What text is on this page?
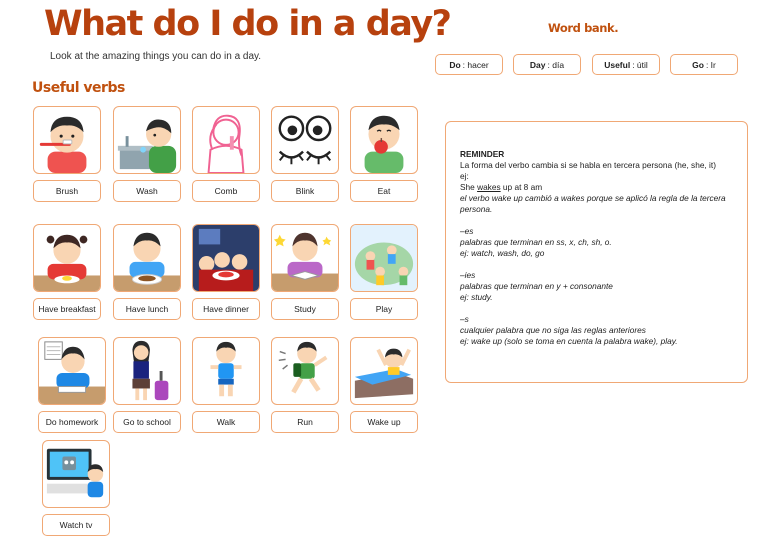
What do I do in a day?
Look at the amazing things you can do in a day.
Useful verbs
Word bank.
Do : hacer	Day : día	Useful : útil	Go : Ir
Brush	Wash	Comb	Blink	Eat
Have breakfast	Have lunch	Have dinner	Study	Play
Do homework	Go to school	Walk	Run	Wake up
Watch tv

REMINDER

La forma del verbo cambia si se habla en tercera persona (he, she, it)

ej:

She wakes up at 8 am

el verbo wake up cambió a wakes porque se aplicó la regla de la tercera persona.

–es

palabras que terminan en ss, x, ch, sh, o.

ej: watch, wash, do, go

–ies

palabras que terminan en y + consonante

ej: study.

–s

cualquier palabra que no siga las reglas anteriores

ej: wake up (solo se toma en cuenta la palabra wake), play.
